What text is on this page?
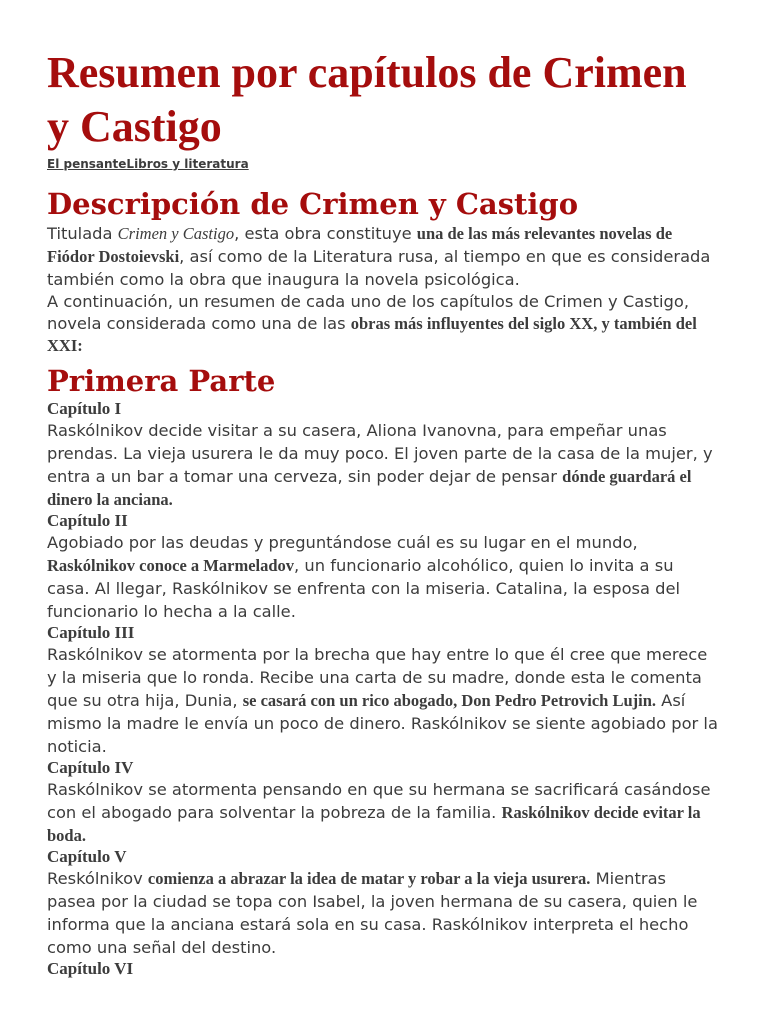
Resumen por capítulos de Crimen y Castigo
El pensanteLibros y literatura
Descripción de Crimen y Castigo

Titulada Crimen y Castigo, esta obra constituye una de las más relevantes novelas de Fiódor Dostoievski, así como de la Literatura rusa, al tiempo en que es considerada también como la obra que inaugura la novela psicológica.

A continuación, un resumen de cada uno de los capítulos de Crimen y Castigo, novela considerada como una de las obras más influyentes del siglo XX, y también del XXI:

Primera Parte
Capítulo I

Raskólnikov decide visitar a su casera, Aliona Ivanovna, para empeñar unas prendas. La vieja usurera le da muy poco. El joven parte de la casa de la mujer, y entra a un bar a tomar una cerveza, sin poder dejar de pensar dónde guardará el dinero la anciana.

Capítulo II

Agobiado por las deudas y preguntándose cuál es su lugar en el mundo, Raskólnikov conoce a Marmeladov, un funcionario alcohólico, quien lo invita a su casa. Al llegar, Raskólnikov se enfrenta con la miseria. Catalina, la esposa del funcionario lo hecha a la calle.

Capítulo III

Raskólnikov se atormenta por la brecha que hay entre lo que él cree que merece y la miseria que lo ronda. Recibe una carta de su madre, donde esta le comenta que su otra hija, Dunia, se casará con un rico abogado, Don Pedro Petrovich Lujin. Así mismo la madre le envía un poco de dinero. Raskólnikov se siente agobiado por la noticia.

Capítulo IV

Raskólnikov se atormenta pensando en que su hermana se sacrificará casándose con el abogado para solventar la pobreza de la familia. Raskólnikov decide evitar la boda.

Capítulo V

Reskólnikov comienza a abrazar la idea de matar y robar a la vieja usurera. Mientras pasea por la ciudad se topa con Isabel, la joven hermana de su casera, quien le informa que la anciana estará sola en su casa. Raskólnikov interpreta el hecho como una señal del destino.

Capítulo VI
